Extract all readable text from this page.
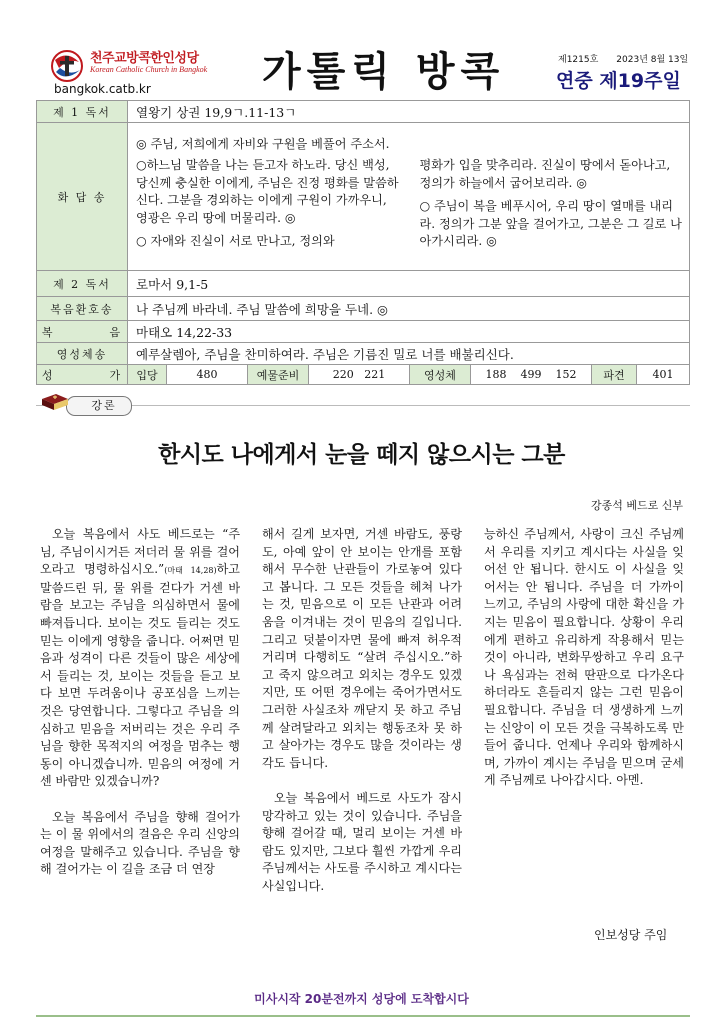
천주교방콕한인성당
Korean Catholic Church in Bangkok
bangkok.catb.kr	가톨릭 방콕	제1215호 2023년 8월 13일
연중 제19주일
제 1 독서	열왕기 상권 19,9ㄱ.11-13ㄱ							
화 답 송	◎ 주님, 저희에게 자비와 구원을 베풀어 주소서.

○하느님 말씀을 나는 듣고자 하노라. 당신 백성, 당신께 충실한 이에게, 주님은 진정 평화를 말씀하신다. 그분을 경외하는 이에게 구원이 가까우니, 영광은 우리 땅에 머물리라. ◎

○ 자애와 진실이 서로 만나고, 정의와

평화가 입을 맞추리라. 진실이 땅에서 돋아나고, 정의가 하늘에서 굽어보리라. ◎

○ 주님이 복을 베푸시어, 우리 땅이 열매를 내리라. 정의가 그분 앞을 걸어가고, 그분은 그 길로 나아가시리라. ◎							

제 2 독서	로마서 9,1-5							
복음환호송	나 주님께 바라네. 주님 말씀에 희망을 두네. ◎							
복          음	마태오 14,22-33							
영성체송	예루살렘아, 주님을 찬미하여라. 주님은 기름진 밀로 너를 배불리신다.							
성          가	입당	480	예물준비	220   221	영성체	188    499    152	파견	401
강론
한시도 나에게서 눈을 떼지 않으시는 그분
강종석 베드로 신부

오늘 복음에서 사도 베드로는 “주님, 주님이시거든 저더러 물 위를 걸어오라고 명령하십시오.”(마태 14,28)하고 말씀드린 뒤, 물 위를 걷다가 거센 바람을 보고는 주님을 의심하면서 물에 빠져듭니다. 보이는 것도 들리는 것도 믿는 이에게 영향을 줍니다. 어쩌면 믿음과 성격이 다른 것들이 많은 세상에서 들리는 것, 보이는 것들을 듣고 보다 보면 두려움이나 공포심을 느끼는 것은 당연합니다. 그렇다고 주님을 의심하고 믿음을 저버리는 것은 우리 주님을 향한 목적지의 여정을 멈추는 행동이 아니겠습니까. 믿음의 여정에 거센 바람만 있겠습니까?

오늘 복음에서 주님을 향해 걸어가는 이 물 위에서의 걸음은 우리 신앙의 여정을 말해주고 있습니다. 주님을 향해 걸어가는 이 길을 조금 더 연장

해서 길게 보자면, 거센 바람도, 풍랑도, 아예 앞이 안 보이는 안개를 포함해서 무수한 난관들이 가로놓여 있다고 봅니다. 그 모든 것들을 헤쳐 나가는 것, 믿음으로 이 모든 난관과 어려움을 이겨내는 것이 믿음의 길입니다. 그리고 덧붙이자면 물에 빠져 허우적거리며 다행히도 “살려 주십시오.”하고 죽지 않으려고 외치는 경우도 있겠지만, 또 어떤 경우에는 죽어가면서도 그러한 사실조차 깨닫지 못 하고 주님께 살려달라고 외치는 행동조차 못 하고 살아가는 경우도 많을 것이라는 생각도 듭니다.

오늘 복음에서 베드로 사도가 잠시 망각하고 있는 것이 있습니다. 주님을 향해 걸어갈 때, 멀리 보이는 거센 바람도 있지만, 그보다 훨씬 가깝게 우리 주님께서는 사도를 주시하고 계시다는 사실입니다.

능하신 주님께서, 사랑이 크신 주님께서 우리를 지키고 계시다는 사실을 잊어선 안 됩니다. 한시도 이 사실을 잊어서는 안 됩니다. 주님을 더 가까이 느끼고, 주님의 사랑에 대한 확신을 가지는 믿음이 필요합니다. 상황이 우리에게 편하고 유리하게 작용해서 믿는 것이 아니라, 변화무쌍하고 우리 요구나 욕심과는 전혀 딴판으로 다가온다 하더라도 흔들리지 않는 그런 믿음이 필요합니다. 주님을 더 생생하게 느끼는 신앙이 이 모든 것을 극복하도록 만들어 줍니다. 언제나 우리와 함께하시며, 가까이 계시는 주님을 믿으며 굳세게 주님께로 나아갑시다. 아멘.

인보성당 주임
미사시작 20분전까지 성당에 도착합시다
